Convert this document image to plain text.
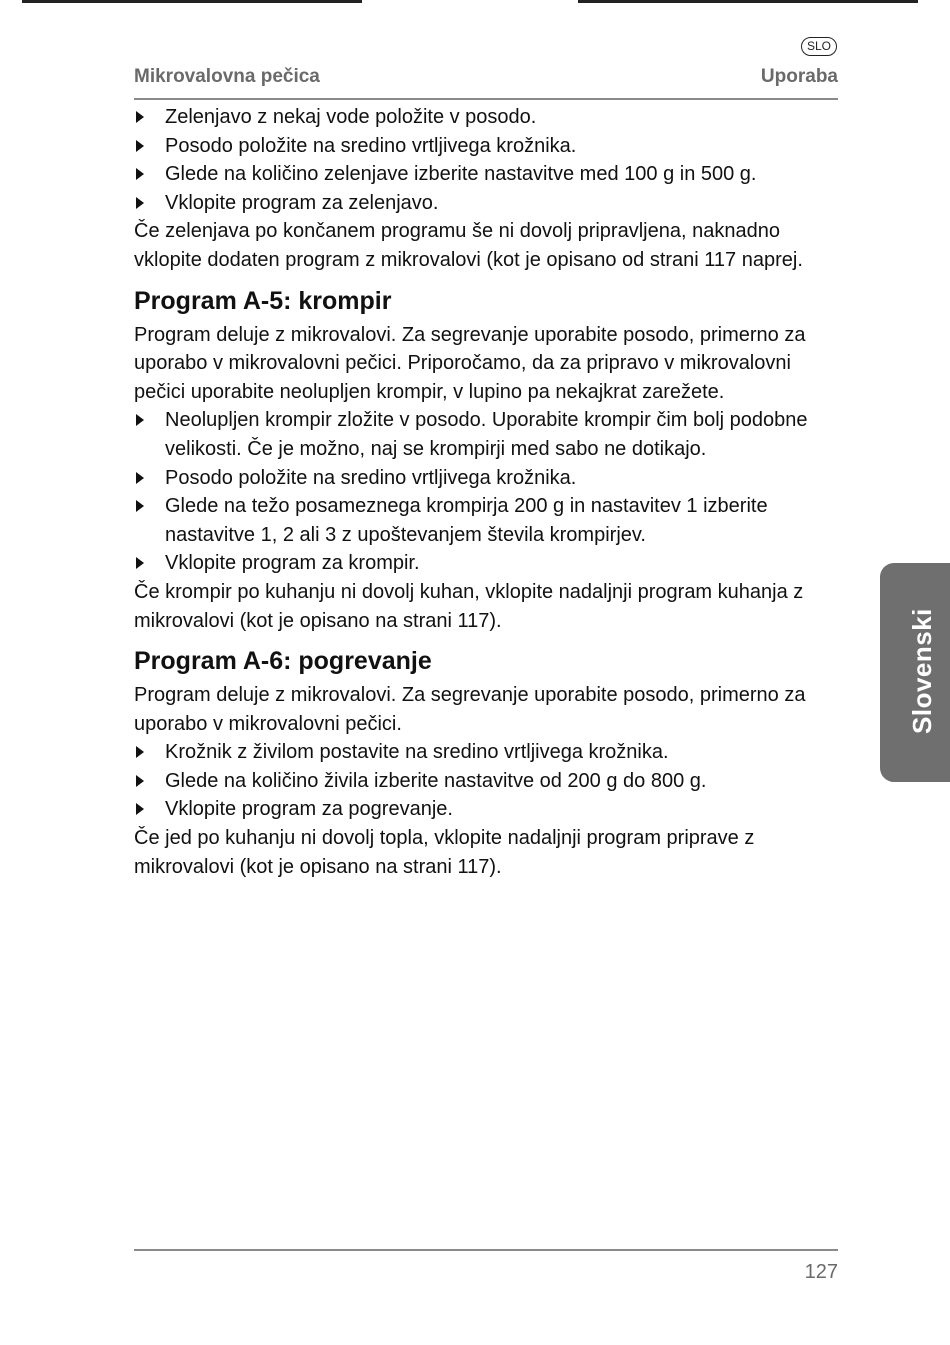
SLO
Mikrovalovna pečica	Uporaba
Zelenjavo z nekaj vode položite v posodo.
Posodo položite na sredino vrtljivega krožnika.
Glede na količino zelenjave izberite nastavitve med 100 g in 500 g.
Vklopite program za zelenjavo.

Če zelenjava po končanem programu še ni dovolj pripravljena, naknadno vklopite dodaten program z mikrovalovi (kot je opisano od strani 117 naprej.

Program A-5: krompir

Program deluje z mikrovalovi. Za segrevanje uporabite posodo, primerno za uporabo v mikrovalovni pečici. Priporočamo, da za pripravo v mikrovalovni pečici uporabite neolupljen krompir, v lupino pa nekajkrat zarežete.

Neolupljen krompir zložite v posodo. Uporabite krompir čim bolj podobne velikosti. Če je možno, naj se krompirji med sabo ne dotikajo.
Posodo položite na sredino vrtljivega krožnika.
Glede na težo posameznega krompirja 200 g in nastavitev 1 izberite nastavitve 1, 2 ali 3 z upoštevanjem števila krompirjev.
Vklopite program za krompir.

Če krompir po kuhanju ni dovolj kuhan, vklopite nadaljnji program kuhanja z mikrovalovi (kot je opisano na strani 117).

Program A-6: pogrevanje

Program deluje z mikrovalovi. Za segrevanje uporabite posodo, primerno za uporabo v mikrovalovni pečici.

Krožnik z živilom postavite na sredino vrtljivega krožnika.
Glede na količino živila izberite nastavitve od 200 g do 800 g.
Vklopite program za pogrevanje.

Če jed po kuhanju ni dovolj topla, vklopite nadaljnji program priprave z mikrovalovi (kot je opisano na strani 117).

Slovenski
127
